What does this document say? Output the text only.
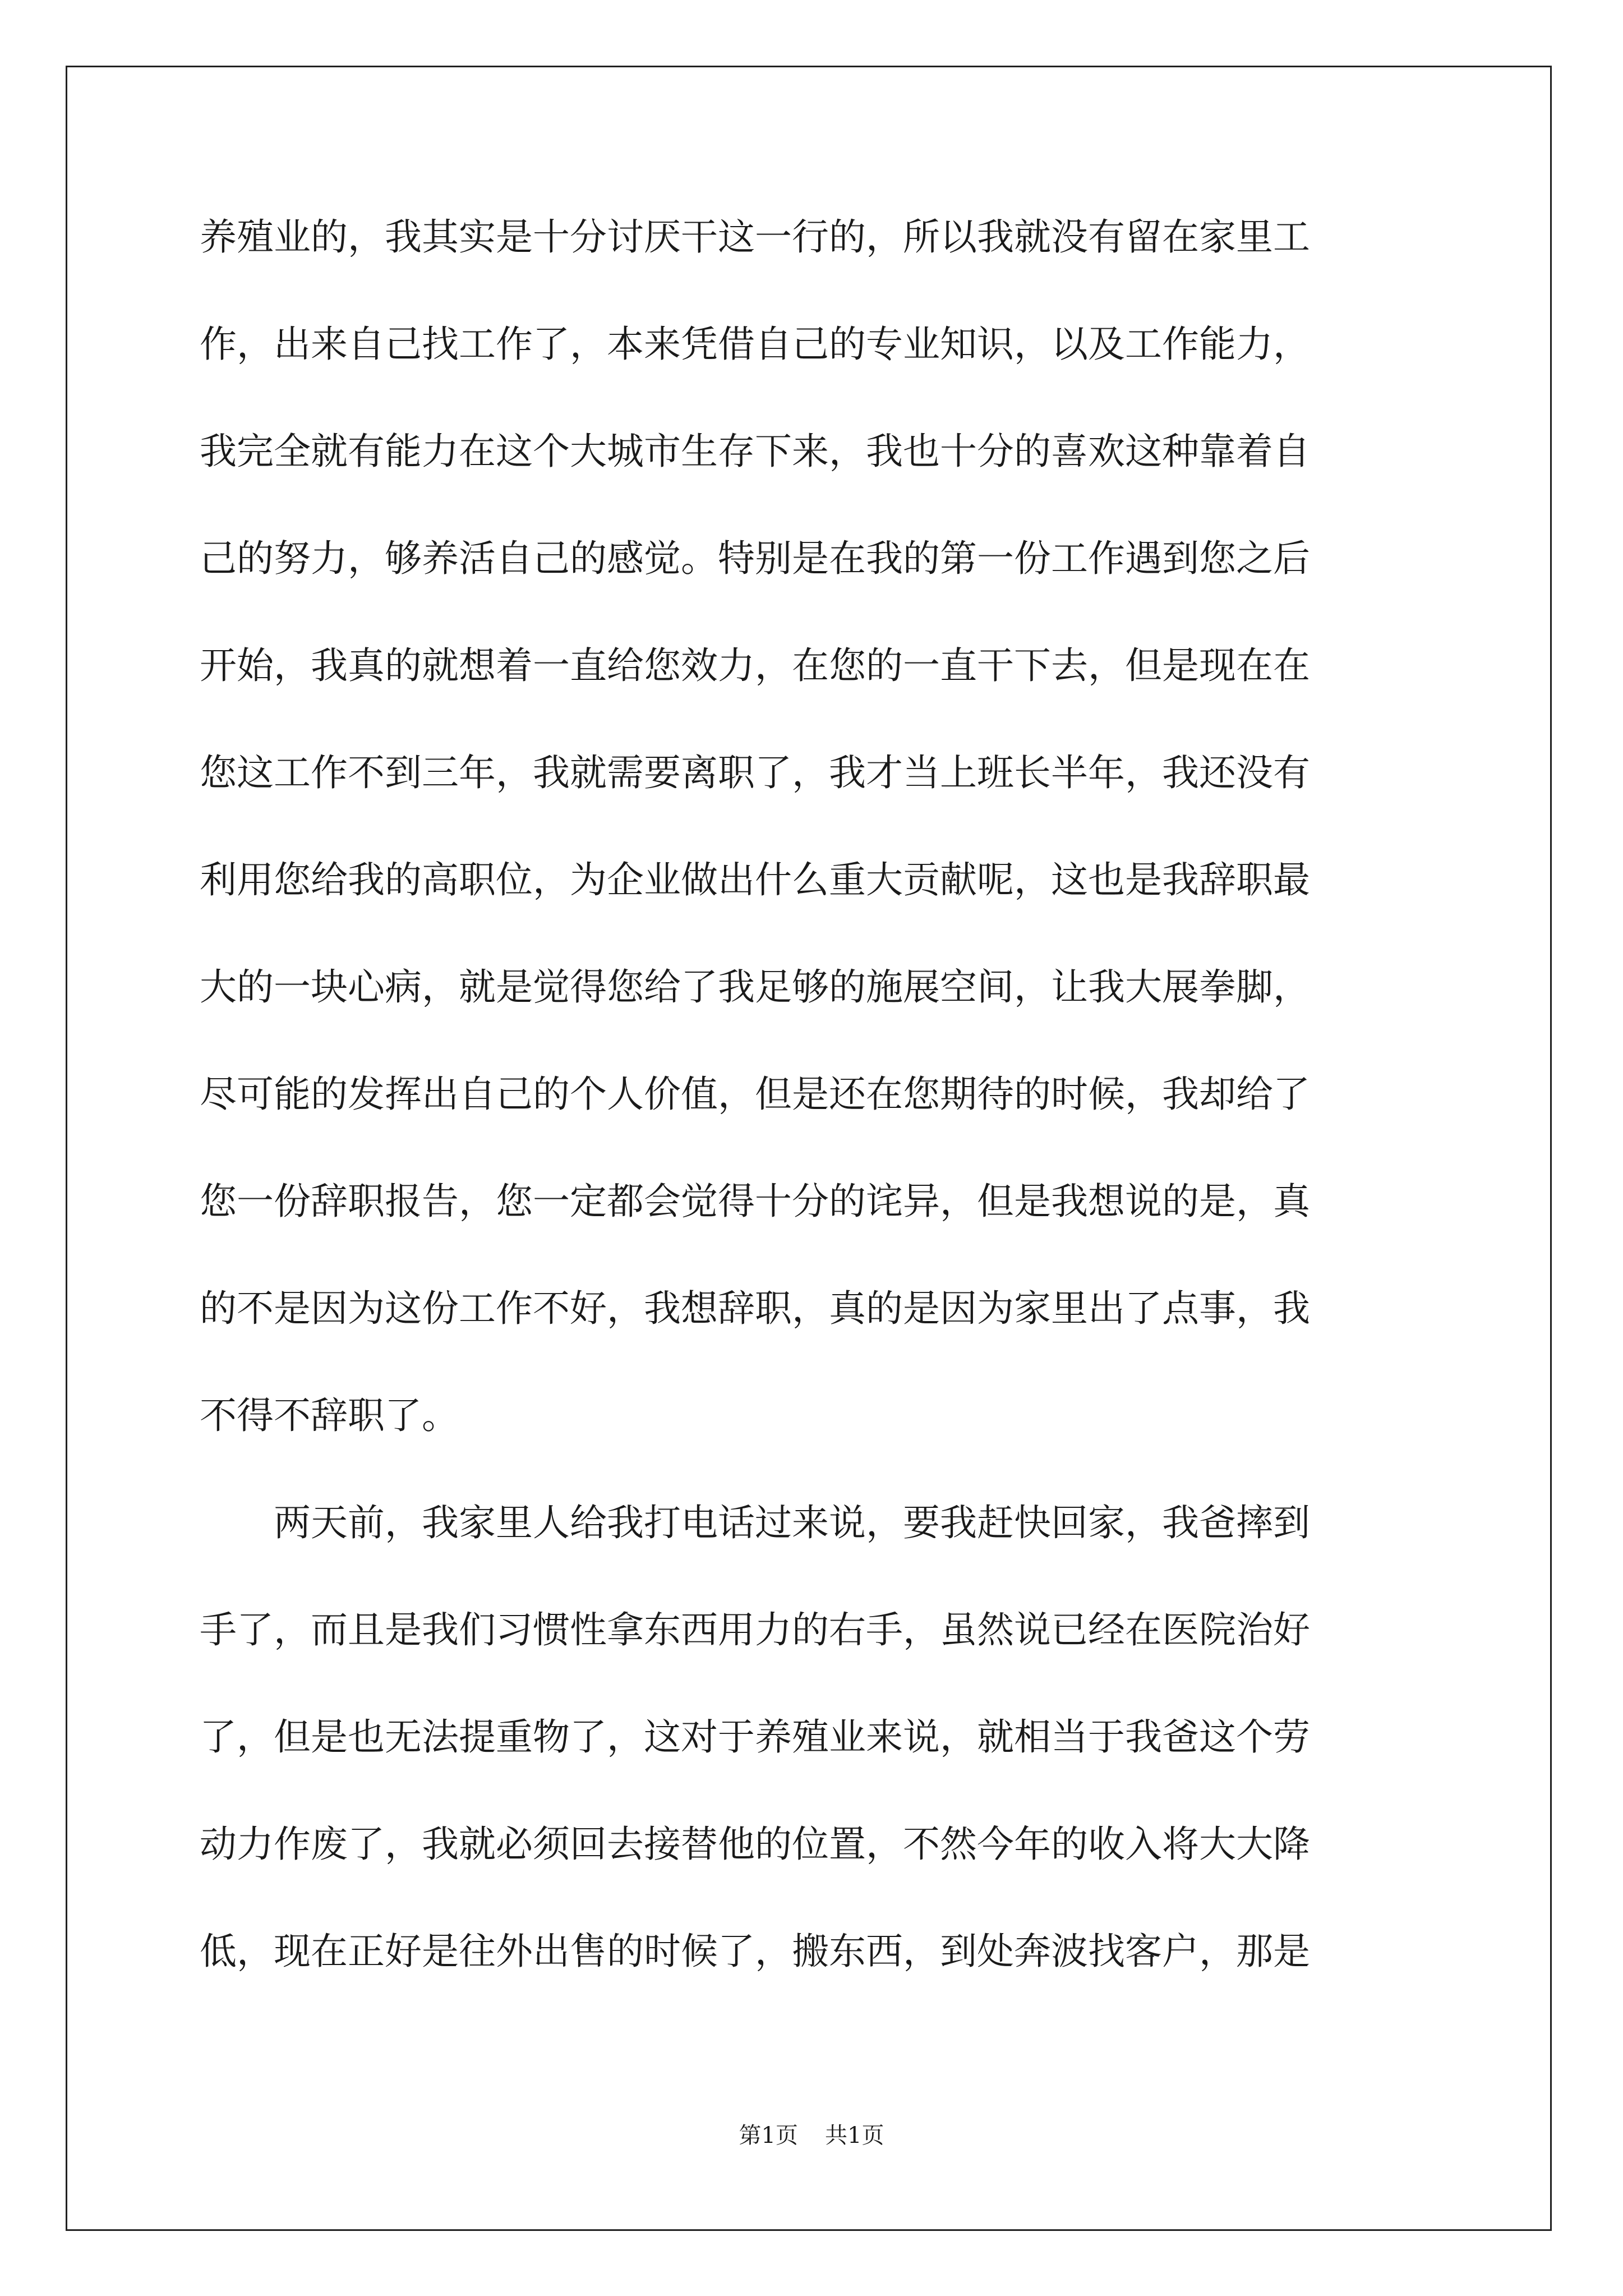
养殖业的，我其实是十分讨厌干这一行的，所以我就没有留在家里工
作，出来自己找工作了，本来凭借自己的专业知识，以及工作能力，
我完全就有能力在这个大城市生存下来，我也十分的喜欢这种靠着自
己的努力，够养活自己的感觉。特别是在我的第一份工作遇到您之后
开始，我真的就想着一直给您效力，在您的一直干下去，但是现在在
您这工作不到三年，我就需要离职了，我才当上班长半年，我还没有
利用您给我的高职位，为企业做出什么重大贡献呢，这也是我辞职最
大的一块心病，就是觉得您给了我足够的施展空间，让我大展拳脚，
尽可能的发挥出自己的个人价值，但是还在您期待的时候，我却给了
您一份辞职报告，您一定都会觉得十分的诧异，但是我想说的是，真
的不是因为这份工作不好，我想辞职，真的是因为家里出了点事，我
不得不辞职了。
两天前，我家里人给我打电话过来说，要我赶快回家，我爸摔到
手了，而且是我们习惯性拿东西用力的右手，虽然说已经在医院治好
了，但是也无法提重物了，这对于养殖业来说，就相当于我爸这个劳
动力作废了，我就必须回去接替他的位置，不然今年的收入将大大降
低，现在正好是往外出售的时候了，搬东西，到处奔波找客户，那是
第1页 共1页
